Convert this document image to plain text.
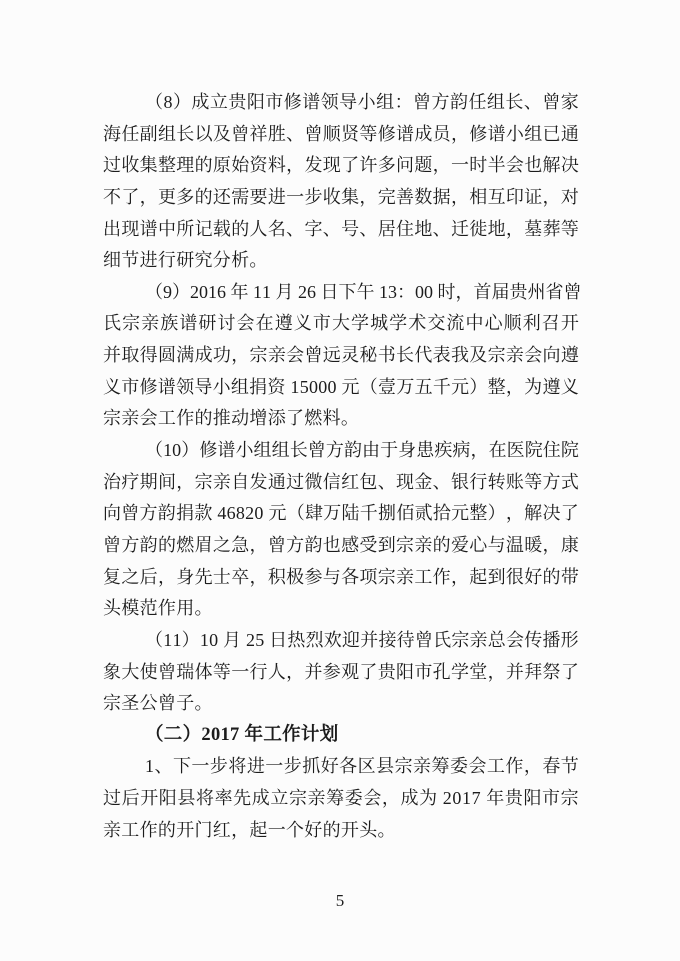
（ 8 ） 成 立 贵 阳 市 修 谱 领 导 小 组 ： 曾 方 韵 任 组 长 、 曾 家
海 任 副 组 长 以 及 曾 祥 胜 、 曾 顺 贤 等 修 谱 成 员 ， 修 谱 小 组 已 通
过 收 集 整 理 的 原 始 资 料 ， 发 现 了 许 多 问 题 ， 一 时 半 会 也 解 决
不 了 ， 更 多 的 还 需 要 进 一 步 收 集 ， 完 善 数 据 ， 相 互 印 证 ， 对
出 现 谱 中 所 记 载 的 人 名 、 字 、 号 、 居 住 地 、 迁 徙 地 ， 墓 葬 等
细节进行研究分析。
（ 9 ） 2 0 1 6
年
1 1
月
2 6
日 下 午
1 3 ： 0 0
时 ， 首 届 贵 州 省 曾
氏 宗 亲 族 谱 研 讨 会 在 遵 义 市 大 学 城 学 术 交 流 中 心 顺 利 召 开
并 取 得 圆 满 成 功 ， 宗 亲 会 曾 远 灵 秘 书 长 代 表 我 及 宗 亲 会 向 遵
义 市 修 谱 领 导 小 组 捐 资
1 5 0 0 0
元 （ 壹 万 五 千 元 ） 整 ， 为 遵 义
宗亲会工作的推动增添了燃料。
（ 1 0 ） 修 谱 小 组 组 长 曾 方 韵 由 于 身 患 疾 病 ， 在 医 院 住 院
治 疗 期 间 ， 宗 亲 自 发 通 过 微 信 红 包 、 现 金 、 银 行 转 账 等 方 式
向 曾 方 韵 捐 款
4 6 8 2 0
元 （ 肆 万 陆 千 捌 佰 贰 拾 元 整 ） ， 解 决 了
曾 方 韵 的 燃 眉 之 急 ， 曾 方 韵 也 感 受 到 宗 亲 的 爱 心 与 温 暖 ， 康
复 之 后 ， 身 先 士 卒 ， 积 极 参 与 各 项 宗 亲 工 作 ， 起 到 很 好 的 带
头模范作用。
（ 1 1 ） 1 0
月
2 5
日 热 烈 欢 迎 并 接 待 曾 氏 宗 亲 总 会 传 播 形
象 大 使 曾 瑞 体 等 一 行 人 ， 并 参 观 了 贵 阳 市 孔 学 堂 ， 并 拜 祭 了
宗圣公曾子。
（二）2017 年工作计划
1 、 下 一 步 将 进 一 步 抓 好 各 区 县 宗 亲 筹 委 会 工 作 ， 春 节
过 后 开 阳 县 将 率 先 成 立 宗 亲 筹 委 会 ， 成 为
2 0 1 7
年 贵 阳 市 宗
亲工作的开门红，起一个好的开头。
5
